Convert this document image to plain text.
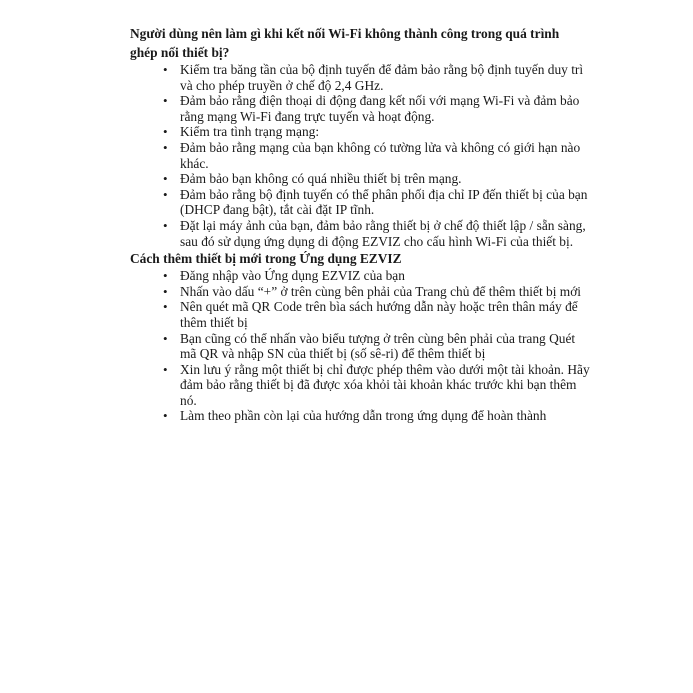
Người dùng nên làm gì khi kết nối Wi-Fi không thành công trong quá trình ghép nối thiết bị?

• Kiểm tra băng tần của bộ định tuyến để đảm bảo rằng bộ định tuyến duy trì và cho phép truyền ở chế độ 2,4 GHz.
• Đảm bảo rằng điện thoại di động đang kết nối với mạng Wi-Fi và đảm bảo rằng mạng Wi-Fi đang trực tuyến và hoạt động.
• Kiểm tra tình trạng mạng:
• Đảm bảo rằng mạng của bạn không có tường lửa và không có giới hạn nào khác.
• Đảm bảo bạn không có quá nhiều thiết bị trên mạng.
• Đảm bảo rằng bộ định tuyến có thể phân phối địa chỉ IP đến thiết bị của bạn (DHCP đang bật), tắt cài đặt IP tĩnh.
• Đặt lại máy ảnh của bạn, đảm bảo rằng thiết bị ở chế độ thiết lập / sẵn sàng, sau đó sử dụng ứng dụng di động EZVIZ cho cấu hình Wi-Fi của thiết bị.

Cách thêm thiết bị mới trong Ứng dụng EZVIZ

• Đăng nhập vào Ứng dụng EZVIZ của bạn
• Nhấn vào dấu “+” ở trên cùng bên phải của Trang chủ để thêm thiết bị mới
• Nên quét mã QR Code trên bìa sách hướng dẫn này hoặc trên thân máy để thêm thiết bị
• Bạn cũng có thể nhấn vào biểu tượng ở trên cùng bên phải của trang Quét mã QR và nhập SN của thiết bị (số sê-ri) để thêm thiết bị
• Xin lưu ý rằng một thiết bị chỉ được phép thêm vào dưới một tài khoản. Hãy đảm bảo rằng thiết bị đã được xóa khỏi tài khoản khác trước khi bạn thêm nó.
• Làm theo phần còn lại của hướng dẫn trong ứng dụng để hoàn thành
